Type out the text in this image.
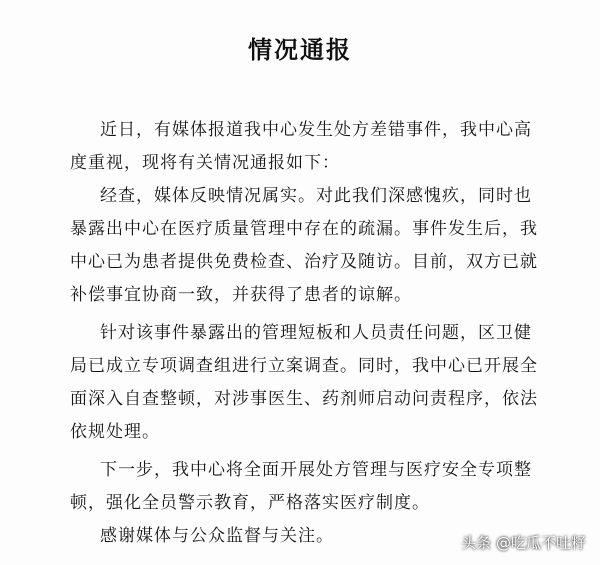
情况通报
近日，有媒体报道我中心发生处方差错事件，我中心高
度重视，现将有关情况通报如下：
经查，媒体反映情况属实。对此我们深感愧疚，同时也
暴露出中心在医疗质量管理中存在的疏漏。事件发生后，我
中心已为患者提供免费检查、治疗及随访。目前，双方已就
补偿事宜协商一致，并获得了患者的谅解。
针对该事件暴露出的管理短板和人员责任问题，区卫健
局已成立专项调查组进行立案调查。同时，我中心已开展全
面深入自查整顿，对涉事医生、药剂师启动问责程序，依法
依规处理。
下一步，我中心将全面开展处方管理与医疗安全专项整
顿，强化全员警示教育，严格落实医疗制度。
感谢媒体与公众监督与关注。	头条 @吃瓜不吐籽
